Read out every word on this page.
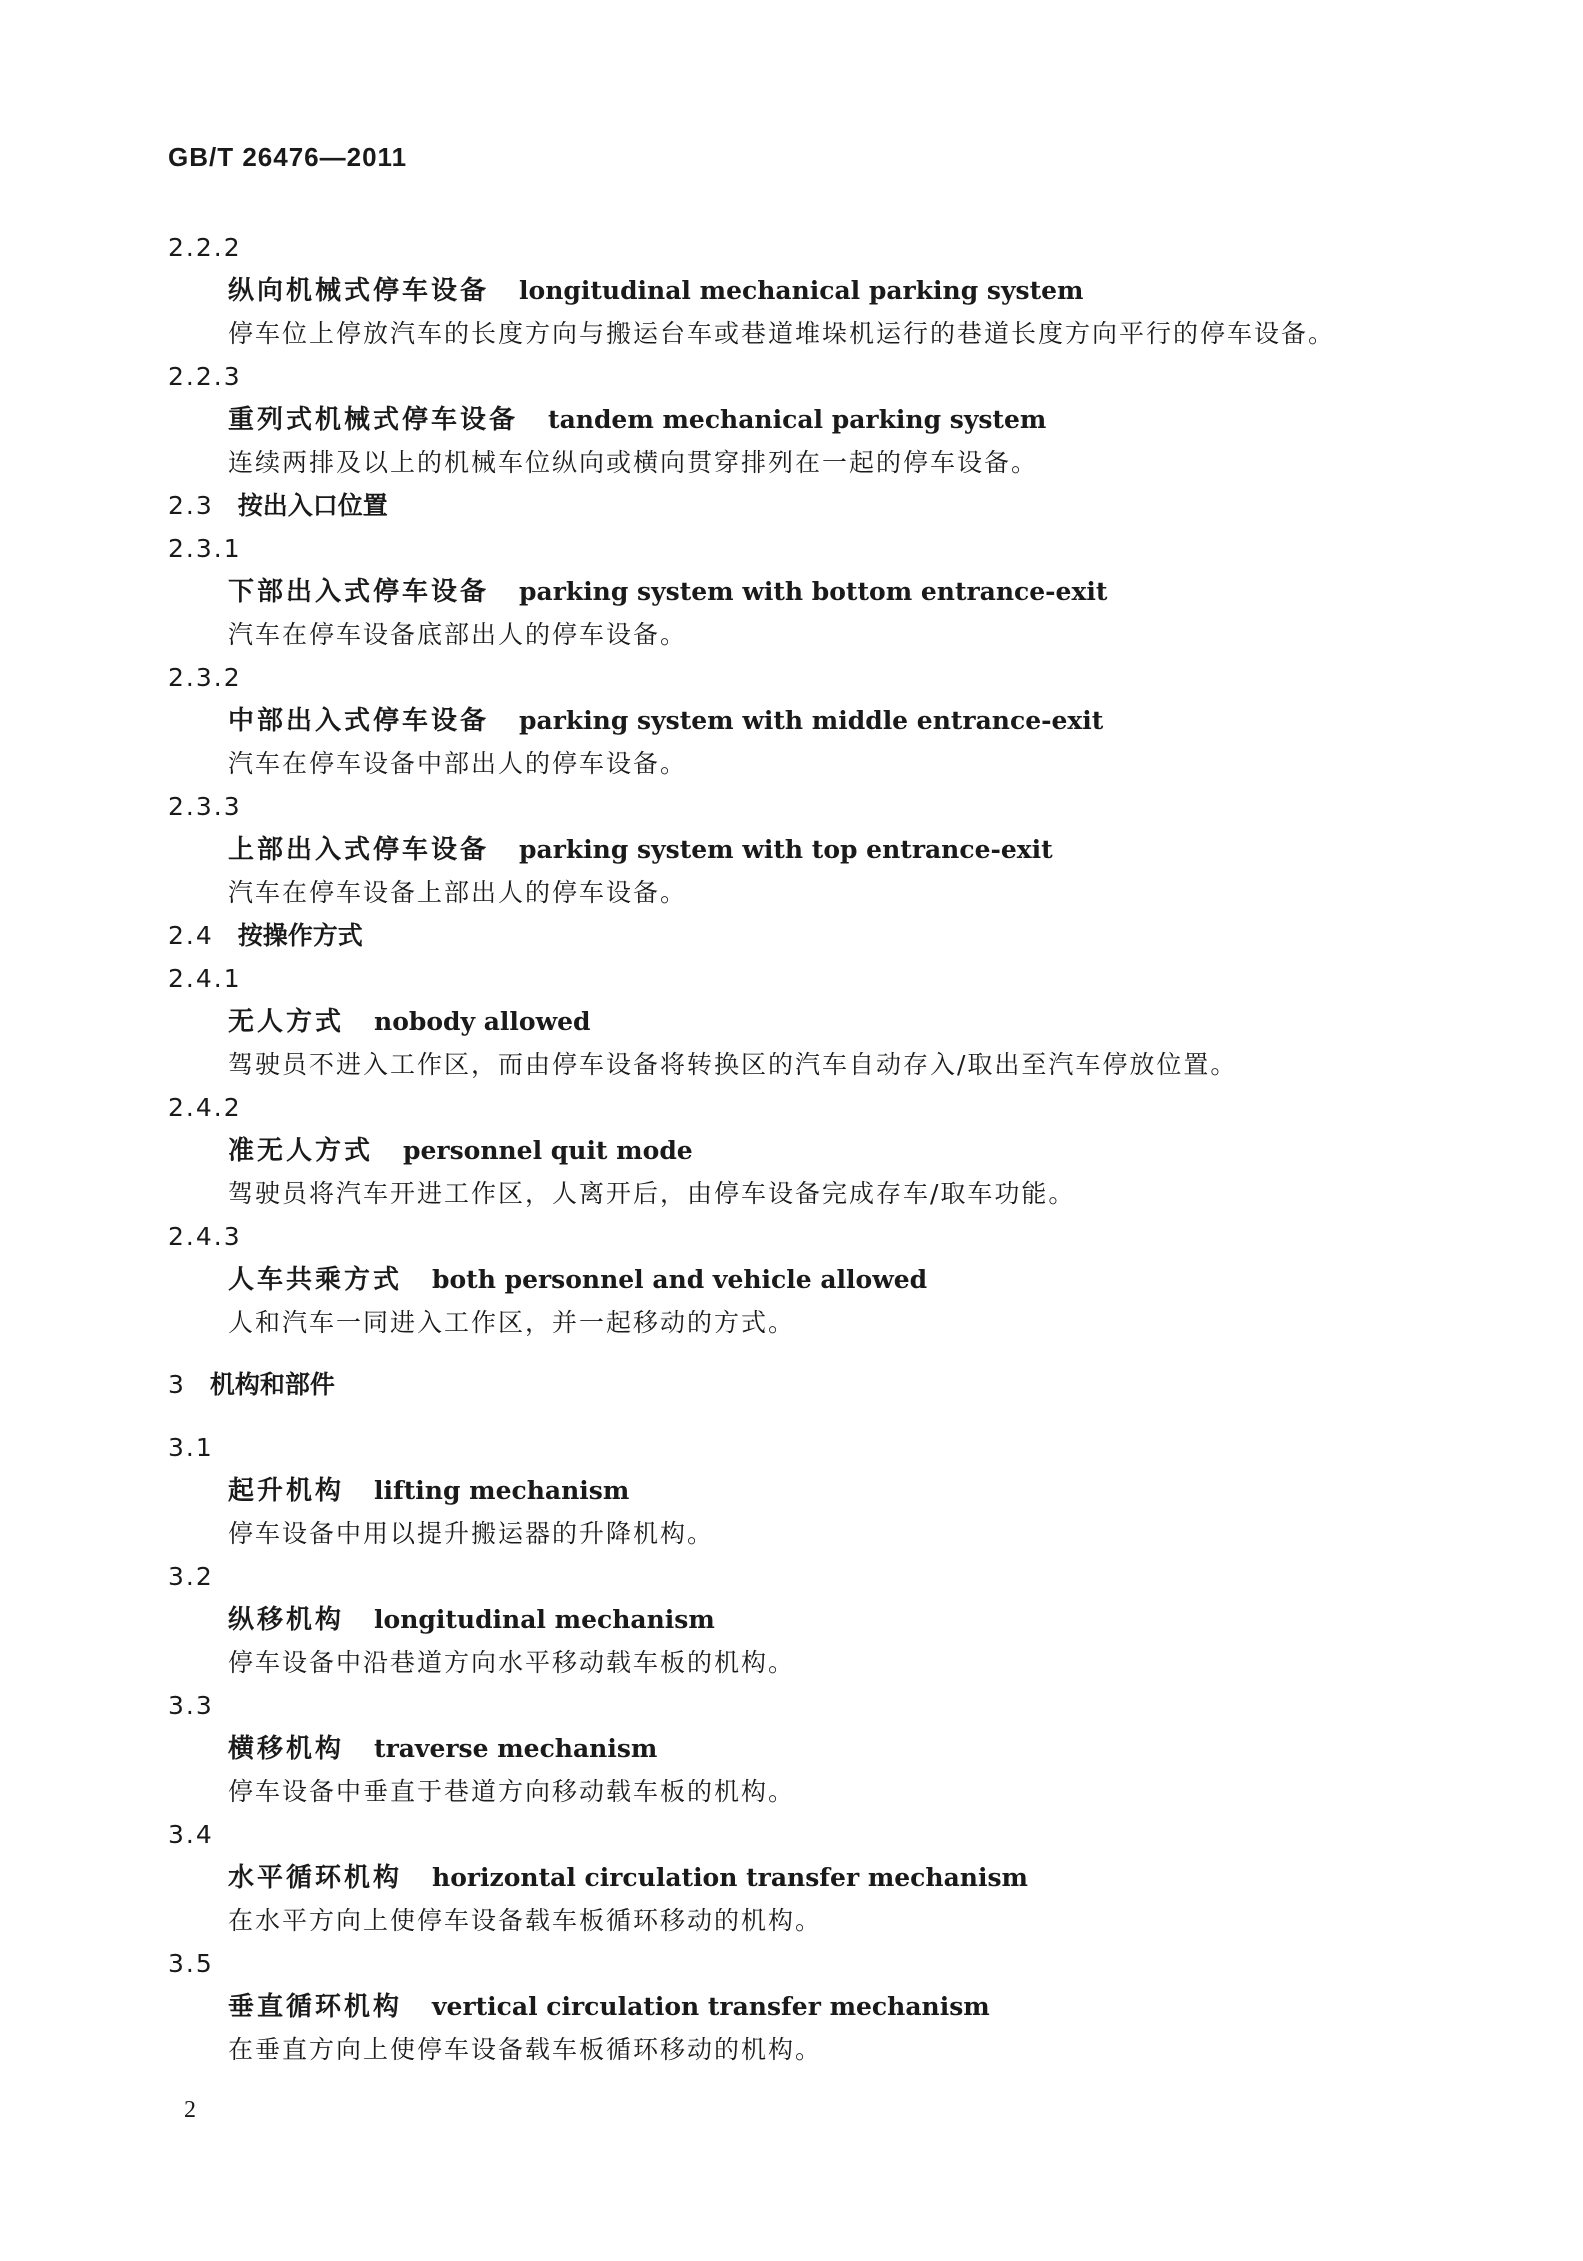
GB/T 26476—2011
2.2.2
纵向机械式停车设备 longitudinal mechanical parking system
停车位上停放汽车的长度方向与搬运台车或巷道堆垛机运行的巷道长度方向平行的停车设备。
2.2.3
重列式机械式停车设备 tandem mechanical parking system
连续两排及以上的机械车位纵向或横向贯穿排列在一起的停车设备。
2.3 按出入口位置
2.3.1
下部出入式停车设备 parking system with bottom entrance-exit
汽车在停车设备底部出人的停车设备。
2.3.2
中部出入式停车设备 parking system with middle entrance-exit
汽车在停车设备中部出人的停车设备。
2.3.3
上部出入式停车设备 parking system with top entrance-exit
汽车在停车设备上部出人的停车设备。
2.4 按操作方式
2.4.1
无人方式 nobody allowed
驾驶员不进入工作区，而由停车设备将转换区的汽车自动存入/取出至汽车停放位置。
2.4.2
准无人方式 personnel quit mode
驾驶员将汽车开进工作区，人离开后，由停车设备完成存车/取车功能。
2.4.3
人车共乘方式 both personnel and vehicle allowed
人和汽车一同进入工作区，并一起移动的方式。
3 机构和部件
3.1
起升机构 lifting mechanism
停车设备中用以提升搬运器的升降机构。
3.2
纵移机构 longitudinal mechanism
停车设备中沿巷道方向水平移动载车板的机构。
3.3
横移机构 traverse mechanism
停车设备中垂直于巷道方向移动载车板的机构。
3.4
水平循环机构 horizontal circulation transfer mechanism
在水平方向上使停车设备载车板循环移动的机构。
3.5
垂直循环机构 vertical circulation transfer mechanism
在垂直方向上使停车设备载车板循环移动的机构。
2
